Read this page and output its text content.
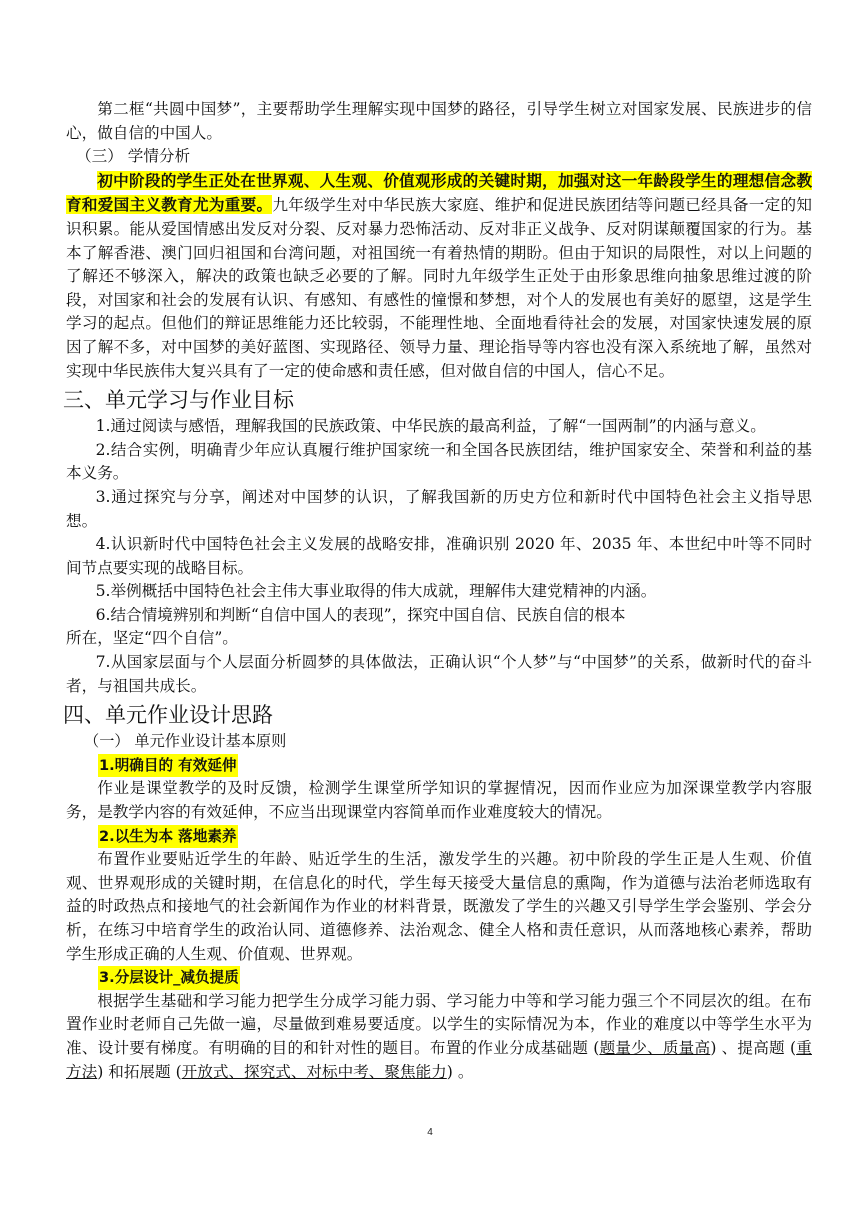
第二框“共圆中国梦”，主要帮助学生理解实现中国梦的路径，引导学生树立对国家发展、民族进步的信心，做自信的中国人。

（三） 学情分析

初中阶段的学生正处在世界观、人生观、价值观形成的关键时期，加强对这一年龄段学生的理想信念教育和爱国主义教育尤为重要。九年级学生对中华民族大家庭、维护和促进民族团结等问题已经具备一定的知识积累。能从爱国情感出发反对分裂、反对暴力恐怖活动、反对非正义战争、反对阴谋颠覆国家的行为。基本了解香港、澳门回归祖国和台湾问题，对祖国统一有着热情的期盼。但由于知识的局限性，对以上问题的了解还不够深入，解决的政策也缺乏必要的了解。同时九年级学生正处于由形象思维向抽象思维过渡的阶段，对国家和社会的发展有认识、有感知、有感性的憧憬和梦想，对个人的发展也有美好的愿望，这是学生学习的起点。但他们的辩证思维能力还比较弱，不能理性地、全面地看待社会的发展，对国家快速发展的原因了解不多，对中国梦的美好蓝图、实现路径、领导力量、理论指导等内容也没有深入系统地了解，虽然对实现中华民族伟大复兴具有了一定的使命感和责任感，但对做自信的中国人，信心不足。

三、单元学习与作业目标

1.通过阅读与感悟，理解我国的民族政策、中华民族的最高利益，了解“一国两制”的内涵与意义。

2.结合实例，明确青少年应认真履行维护国家统一和全国各民族团结，维护国家安全、荣誉和利益的基本义务。

3.通过探究与分享，阐述对中国梦的认识，了解我国新的历史方位和新时代中国特色社会主义指导思想。

4.认识新时代中国特色社会主义发展的战略安排，准确识别 2020 年、2035 年、本世纪中叶等不同时间节点要实现的战略目标。

5.举例概括中国特色社会主伟大事业取得的伟大成就，理解伟大建党精神的内涵。

6.结合情境辨别和判断“自信中国人的表现”，探究中国自信、民族自信的根本

所在，坚定“四个自信”。

7.从国家层面与个人层面分析圆梦的具体做法，正确认识“个人梦”与“中国梦”的关系，做新时代的奋斗者，与祖国共成长。

四、单元作业设计思路
（一） 单元作业设计基本原则
1.明确目的 有效延伸

作业是课堂教学的及时反馈，检测学生课堂所学知识的掌握情况，因而作业应为加深课堂教学内容服务，是教学内容的有效延伸，不应当出现课堂内容简单而作业难度较大的情况。

2.以生为本 落地素养

布置作业要贴近学生的年龄、贴近学生的生活，激发学生的兴趣。初中阶段的学生正是人生观、价值观、世界观形成的关键时期，在信息化的时代，学生每天接受大量信息的熏陶，作为道德与法治老师选取有益的时政热点和接地气的社会新闻作为作业的材料背景，既激发了学生的兴趣又引导学生学会鉴别、学会分析，在练习中培育学生的政治认同、道德修养、法治观念、健全人格和责任意识，从而落地核心素养，帮助学生形成正确的人生观、价值观、世界观。

3.分层设计_减负提质

根据学生基础和学习能力把学生分成学习能力弱、学习能力中等和学习能力强三个不同层次的组。在布置作业时老师自己先做一遍，尽量做到难易要适度。以学生的实际情况为本，作业的难度以中等学生水平为准、设计要有梯度。有明确的目的和针对性的题目。布置的作业分成基础题 (题量少、质量高) 、提高题 (重方法) 和拓展题 (开放式、探究式、对标中考、聚焦能力) 。

4
